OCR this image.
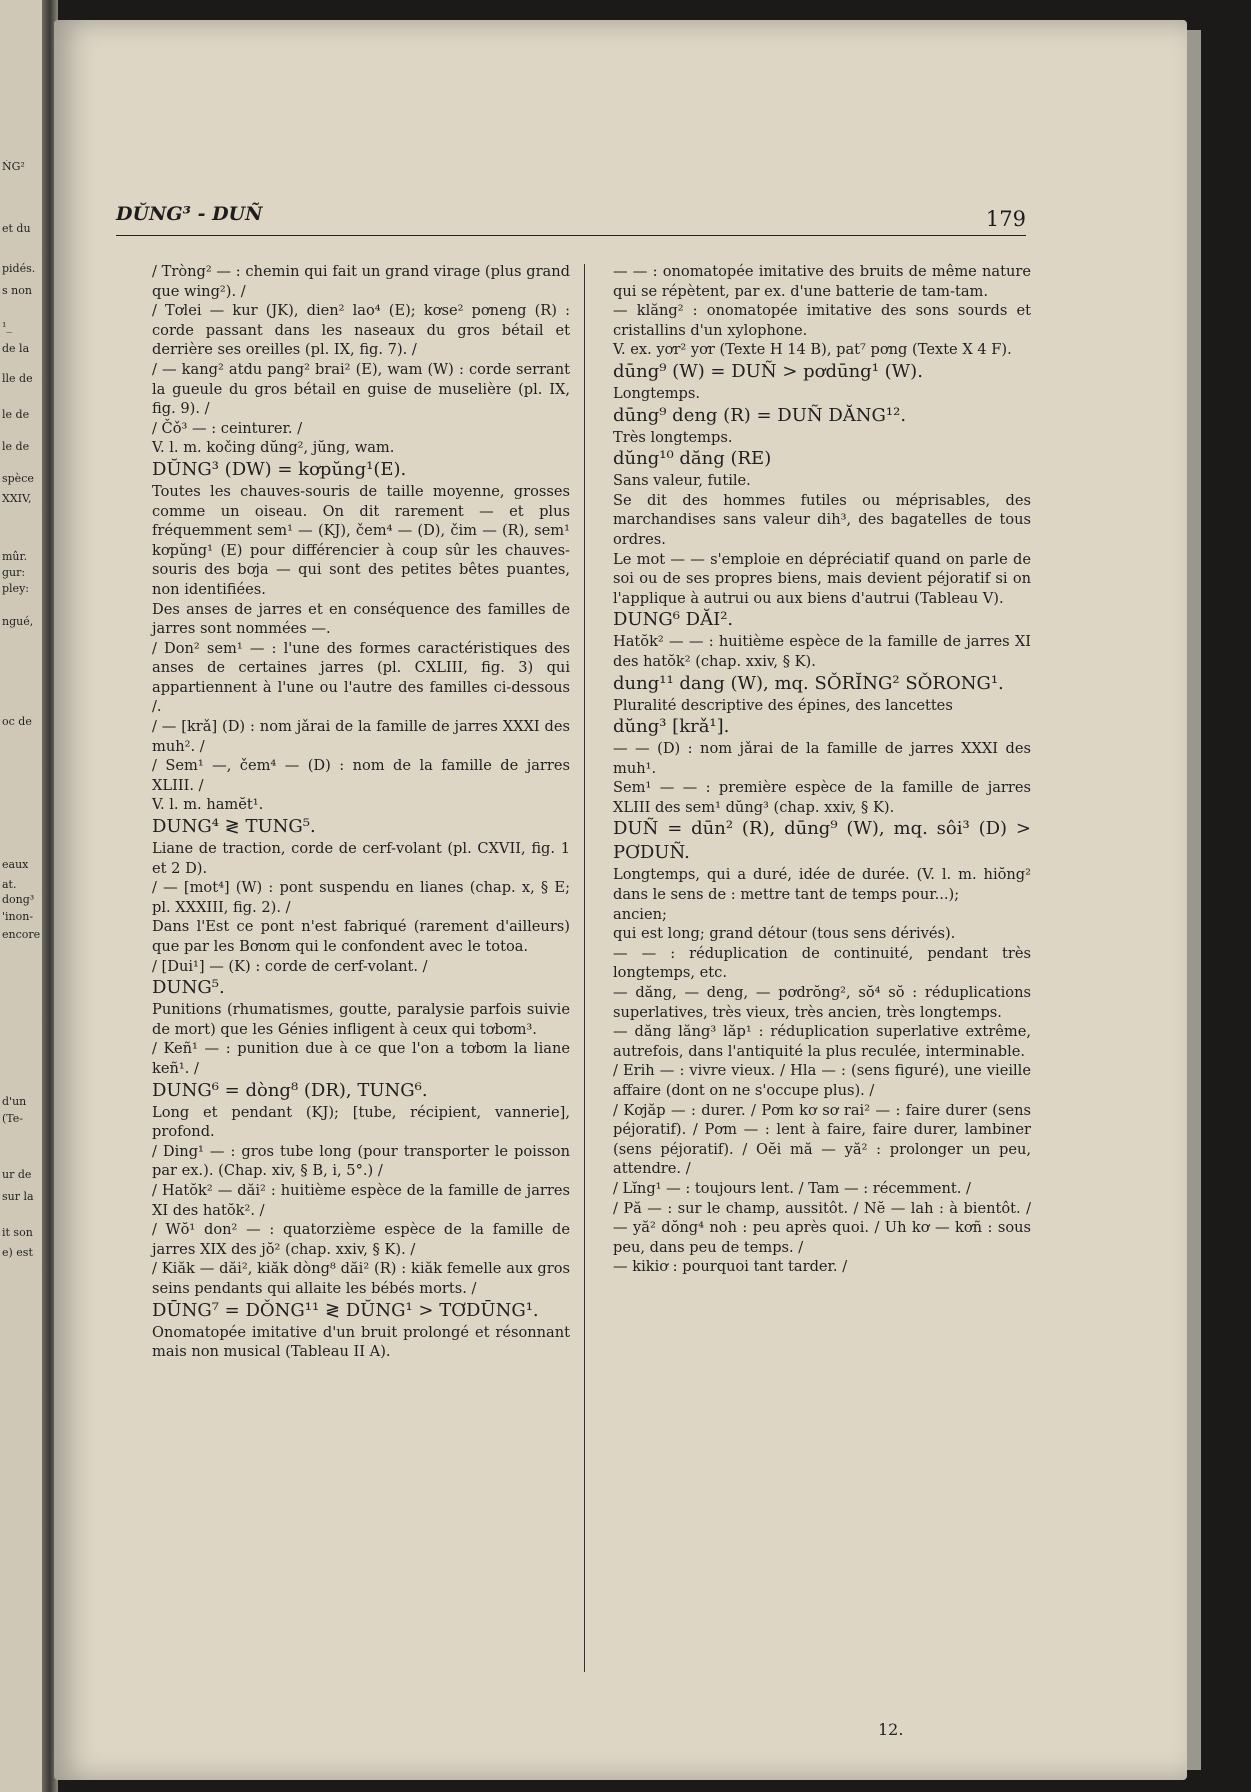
ŃG²
et du
pidés.
s non
¹_
de la
lle de
le de
le de
spèce
XXIV,
mûr.
gur:
pley:
ngué,
oc de
eaux
at.
dong³
'inon-
encore
d'un
(Te-
ur de
sur la
it son
e) est
DŬNG³ - DUÑ	179

/ Tròng² — : chemin qui fait un grand virage (plus grand que wing²). /

/ Tơlei — kur (JK), dien² lao⁴ (E); kơse² pơneng (R) : corde passant dans les naseaux du gros bétail et derrière ses oreilles (pl. IX, fig. 7). /

/ — kang² atdu pang² brai² (E), wam (W) : corde serrant la gueule du gros bétail en guise de muselière (pl. IX, fig. 9). /

/ Čǒ³ — : ceinturer. /

V. l. m. kočing dŭng², jŭng, wam.

DŬNG³ (DW) = kơpŭng¹(E).

Toutes les chauves-souris de taille moyenne, grosses comme un oiseau. On dit rarement — et plus fréquemment sem¹ — (KJ), čem⁴ — (D), čim — (R), sem¹ kơpŭng¹ (E) pour différencier à coup sûr les chauves-souris des bơja — qui sont des petites bêtes puantes, non identifiées.

Des anses de jarres et en conséquence des familles de jarres sont nommées —.

/ Don² sem¹ — : l'une des formes caractéristiques des anses de certaines jarres (pl. CXLIII, fig. 3) qui appartiennent à l'une ou l'autre des familles ci-dessous /.

/ — [krǎ] (D) : nom jǎrai de la famille de jarres XXXI des muh². /

/ Sem¹ —, čem⁴ — (D) : nom de la famille de jarres XLIII. /

V. l. m. hamĕt¹.

DUNG⁴ ≷ TUNG⁵.

Liane de traction, corde de cerf-volant (pl. CXVII, fig. 1 et 2 D).

/ — [mot⁴] (W) : pont suspendu en lianes (chap. x, § E; pl. XXXIII, fig. 2). /

Dans l'Est ce pont n'est fabriqué (rarement d'ailleurs) que par les Bơnơm qui le confondent avec le totoa.

/ [Dui¹] — (K) : corde de cerf-volant. /

DUNG⁵.

Punitions (rhumatismes, goutte, paralysie parfois suivie de mort) que les Génies infligent à ceux qui tơbơm³.

/ Keñ¹ — : punition due à ce que l'on a tơbơm la liane keñ¹. /

DUNG⁶ = dòng⁸ (DR), TUNG⁶.

Long et pendant (KJ); [tube, récipient, vannerie], profond.

/ Ding¹ — : gros tube long (pour transporter le poisson par ex.). (Chap. xiv, § B, i, 5°.) /

/ Hatŏk² — dăi² : huitième espèce de la famille de jarres XI des hatŏk². /

/ Wŏ¹ don² — : quatorzième espèce de la famille de jarres XIX des jŏ² (chap. xxiv, § K). /

/ Kiăk — dăi², kiăk dòng⁸ dăi² (R) : kiăk femelle aux gros seins pendants qui allaite les bébés morts. /

DŪNG⁷ = DǑNG¹¹ ≷ DŬNG¹ > TƠDŪNG¹.

Onomatopée imitative d'un bruit prolongé et résonnant mais non musical (Tableau II A).

— — : onomatopée imitative des bruits de même nature qui se répètent, par ex. d'une batterie de tam-tam.

— klăng² : onomatopée imitative des sons sourds et cristallins d'un xylophone.

V. ex. yơr² yơr (Texte H 14 B), pat⁷ pơng (Texte X 4 F).

dūng⁹ (W) = DUÑ > pơdūng¹ (W).

Longtemps.

dūng⁹ deng (R) = DUÑ DĂNG¹².

Très longtemps.

dŭng¹⁰ dăng (RE)

Sans valeur, futile.

Se dit des hommes futiles ou méprisables, des marchandises sans valeur dih³, des bagatelles de tous ordres.

Le mot — — s'emploie en dépréciatif quand on parle de soi ou de ses propres biens, mais devient péjoratif si on l'applique à autrui ou aux biens d'autrui (Tableau V).

DUNG⁶ DĂI².

Hatŏk² — — : huitième espèce de la famille de jarres XI des hatŏk² (chap. xxiv, § K).

dung¹¹ dang (W), mq. SǑRĬNG² SǑRONG¹.

Pluralité descriptive des épines, des lancettes

dŭng³ [krǎ¹].

— — (D) : nom jǎrai de la famille de jarres XXXI des muh¹.

Sem¹ — — : première espèce de la famille de jarres XLIII des sem¹ dŭng³ (chap. xxiv, § K).

DUÑ = dūn² (R), dūng⁹ (W), mq. sôi³ (D) > PƠDUÑ.

Longtemps, qui a duré, idée de durée. (V. l. m. hiŏng² dans le sens de : mettre tant de temps pour...);

ancien;

qui est long; grand détour (tous sens dérivés).

— — : réduplication de continuité, pendant très longtemps, etc.

— dăng, — deng, — pơdrŏng², sŏ⁴ sŏ : réduplications superlatives, très vieux, très ancien, très longtemps.

— dăng lăng³ lăp¹ : réduplication superlative extrême, autrefois, dans l'antiquité la plus reculée, interminable.

/ Erih — : vivre vieux. / Hla — : (sens figuré), une vieille affaire (dont on ne s'occupe plus). /

/ Kơjăp — : durer. / Pơm kơ sơ rai² — : faire durer (sens péjoratif). / Pơm — : lent à faire, faire durer, lambiner (sens péjoratif). / Oĕi mă — yă² : prolonger un peu, attendre. /

/ Lĭng¹ — : toujours lent. / Tam — : récemment. /

/ Pă — : sur le champ, aussitôt. / Nĕ — lah : à bientôt. / — yă² dŏng⁴ noh : peu après quoi. / Uh kơ — kơñ : sous peu, dans peu de temps. /

— kikiơ : pourquoi tant tarder. /

12.
